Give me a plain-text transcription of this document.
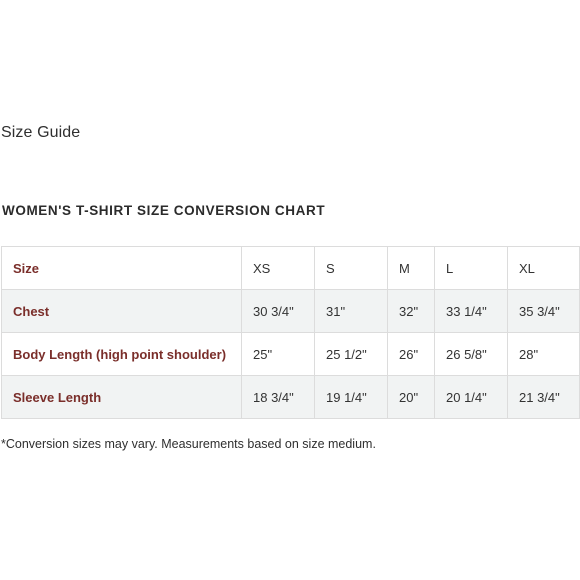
Size Guide
WOMEN'S T-SHIRT SIZE CONVERSION CHART
Size	XS	S	M	L	XL
Chest	30 3/4"	31"	32"	33 1/4"	35 3/4"
Body Length (high point shoulder)	25"	25 1/2"	26"	26 5/8"	28"
Sleeve Length	18 3/4"	19 1/4"	20"	20 1/4"	21 3/4"
*Conversion sizes may vary. Measurements based on size medium.
